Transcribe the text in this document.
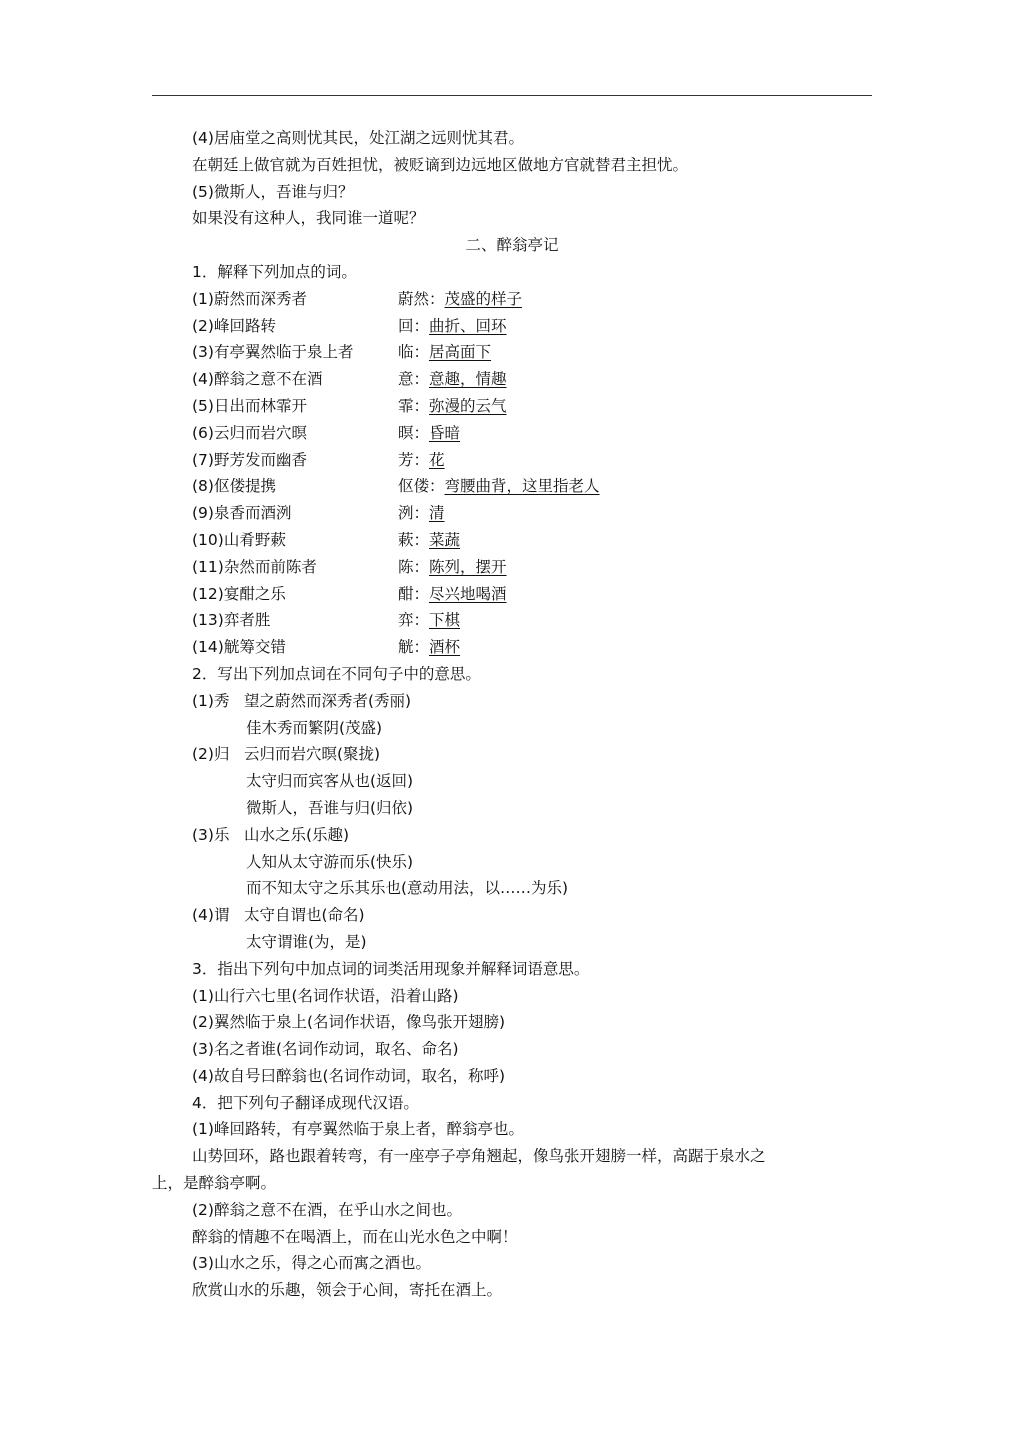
(4)居庙堂之高则忧其民，处江湖之远则忧其君。
在朝廷上做官就为百姓担忧，被贬谪到边远地区做地方官就替君主担忧。
(5)微斯人，吾谁与归？
如果没有这种人，我同谁一道呢？
二、醉翁亭记
1．解释下列加点的词。
(1)蔚然而深秀者	蔚然：茂盛的样子
(2)峰回路转	回：曲折、回环
(3)有亭翼然临于泉上者	临：居高面下
(4)醉翁之意不在酒	意：意趣，情趣
(5)日出而林霏开	霏：弥漫的云气
(6)云归而岩穴暝	暝：昏暗
(7)野芳发而幽香	芳：花
(8)伛偻提携	伛偻：弯腰曲背，这里指老人
(9)泉香而酒洌	洌：清
(10)山肴野蔌	蔌：菜蔬
(11)杂然而前陈者	陈：陈列，摆开
(12)宴酣之乐	酣：尽兴地喝酒
(13)弈者胜	弈：下棋
(14)觥筹交错	觥：酒杯
2．写出下列加点词在不同句子中的意思。
(1)秀 望之蔚然而深秀者(秀丽)
佳木秀而繁阴(茂盛)
(2)归 云归而岩穴暝(聚拢)
太守归而宾客从也(返回)
微斯人，吾谁与归(归依)
(3)乐 山水之乐(乐趣)
人知从太守游而乐(快乐)
而不知太守之乐其乐也(意动用法，以……为乐)
(4)谓 太守自谓也(命名)
太守谓谁(为，是)
3．指出下列句中加点词的词类活用现象并解释词语意思。
(1)山行六七里(名词作状语，沿着山路)
(2)翼然临于泉上(名词作状语，像鸟张开翅膀)
(3)名之者谁(名词作动词，取名、命名)
(4)故自号曰醉翁也(名词作动词，取名，称呼)
4．把下列句子翻译成现代汉语。
(1)峰回路转，有亭翼然临于泉上者，醉翁亭也。
山势回环，路也跟着转弯，有一座亭子亭角翘起，像鸟张开翅膀一样，高踞于泉水之
上，是醉翁亭啊。
(2)醉翁之意不在酒，在乎山水之间也。
醉翁的情趣不在喝酒上，而在山光水色之中啊！
(3)山水之乐，得之心而寓之酒也。
欣赏山水的乐趣，领会于心间，寄托在酒上。
